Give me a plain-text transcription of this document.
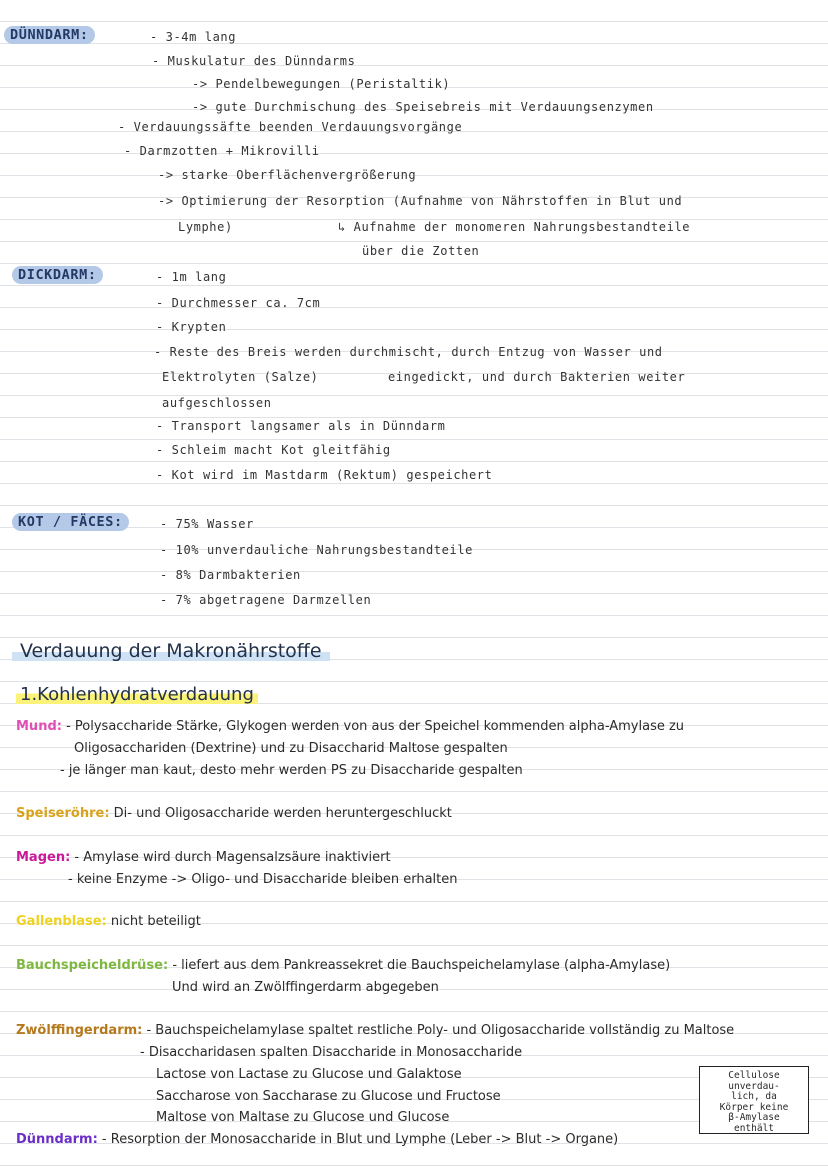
DÜNNDARM:	- 3-4m lang
- Muskulatur des Dünndarms
-> Pendelbewegungen (Peristaltik)
-> gute Durchmischung des Speisebreis mit Verdauungsenzymen
- Verdauungssäfte beenden Verdauungsvorgänge
- Darmzotten + Mikrovilli
-> starke Oberflächenvergrößerung
-> Optimierung der Resorption (Aufnahme von Nährstoffen in Blut und
Lymphe)	↳ Aufnahme der monomeren Nahrungsbestandteile
über die Zotten
DICKDARM:	- 1m lang
- Durchmesser ca. 7cm
- Krypten
- Reste des Breis werden durchmischt, durch Entzug von Wasser und
Elektrolyten (Salze)	eingedickt, und durch Bakterien weiter
aufgeschlossen
- Transport langsamer als in Dünndarm
- Schleim macht Kot gleitfähig
- Kot wird im Mastdarm (Rektum) gespeichert
KOT / FÄCES:	- 75% Wasser
- 10% unverdauliche Nahrungsbestandteile
- 8% Darmbakterien
- 7% abgetragene Darmzellen
Verdauung der Makronährstoffe
1.Kohlenhydratverdauung
Mund: - Polysaccharide Stärke, Glykogen werden von aus der Speichel kommenden alpha-Amylase zu
Oligosacchariden (Dextrine) und zu Disaccharid Maltose gespalten
- je länger man kaut, desto mehr werden PS zu Disaccharide gespalten
Speiseröhre: Di- und Oligosaccharide werden heruntergeschluckt
Magen: - Amylase wird durch Magensalzsäure inaktiviert
- keine Enzyme -> Oligo- und Disaccharide bleiben erhalten
Gallenblase: nicht beteiligt
Bauchspeicheldrüse: - liefert aus dem Pankreassekret die Bauchspeichelamylase (alpha-Amylase)
Und wird an Zwölffingerdarm abgegeben
Zwölffingerdarm: - Bauchspeichelamylase spaltet restliche Poly- und Oligosaccharide vollständig zu Maltose
- Disaccharidasen spalten Disaccharide in Monosaccharide
Lactose von Lactase zu Glucose und Galaktose
Saccharose von Saccharase zu Glucose und Fructose
Maltose von Maltase zu Glucose und Glucose
Dünndarm: - Resorption der Monosaccharide in Blut und Lymphe (Leber -> Blut -> Organe)
Cellulose
unverdau-
lich, da
Körper keine
β-Amylase
enthält
